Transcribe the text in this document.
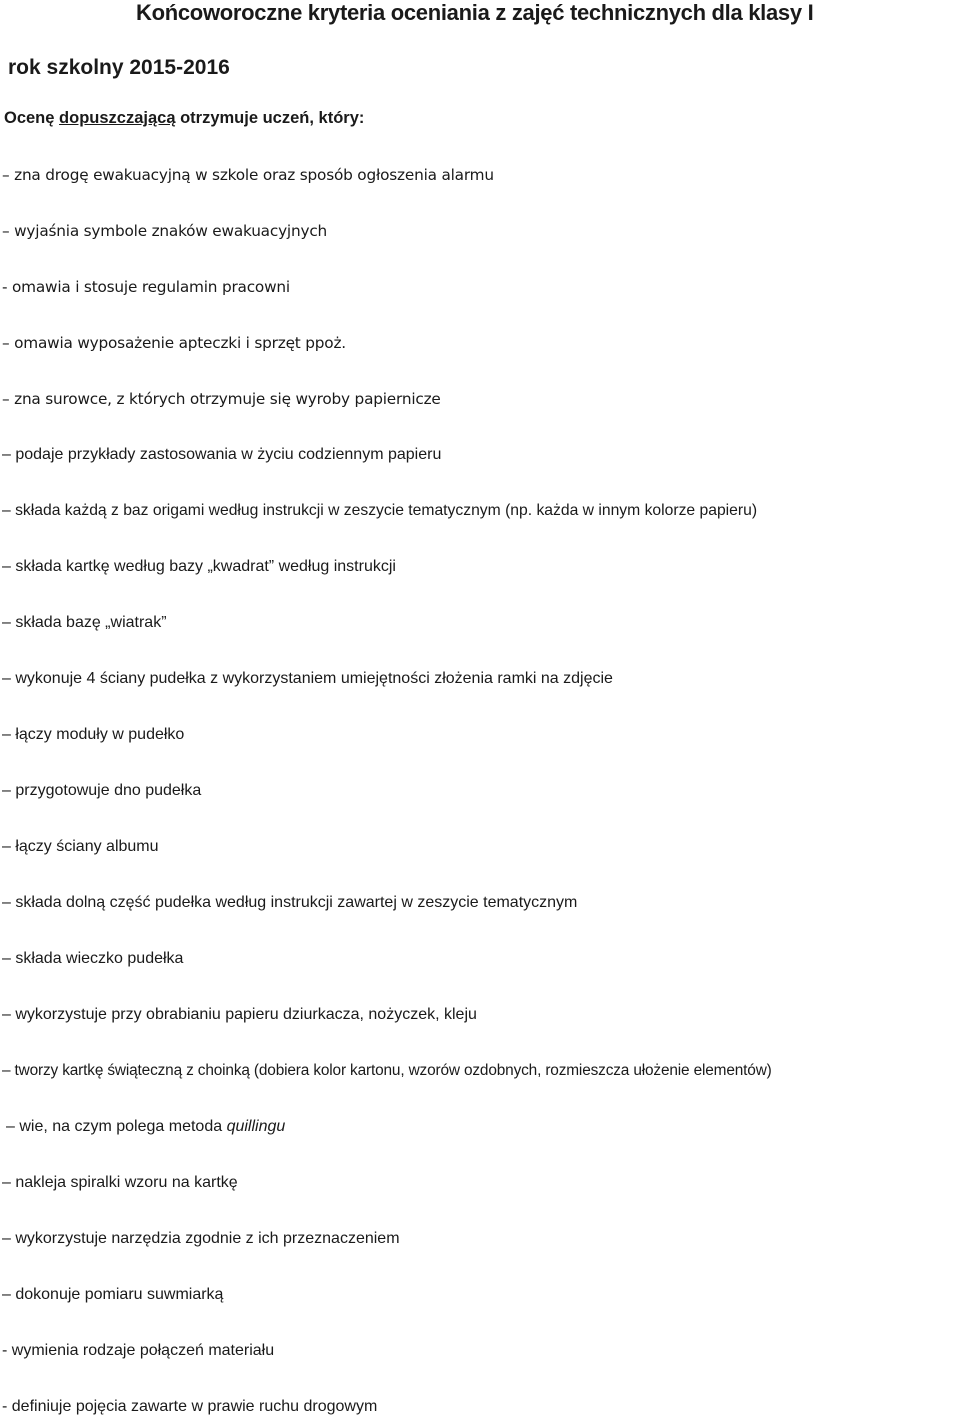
Końcoworoczne kryteria oceniania z zajęć technicznych dla klasy I
rok szkolny 2015-2016
Ocenę dopuszczającą otrzymuje uczeń, który:
– zna drogę ewakuacyjną w szkole oraz sposób ogłoszenia alarmu
– wyjaśnia symbole znaków ewakuacyjnych
- omawia i stosuje regulamin pracowni
– omawia wyposażenie apteczki i sprzęt ppoż.
– zna surowce, z których otrzymuje się wyroby papiernicze
– podaje przykłady zastosowania w życiu codziennym papieru
– składa każdą z baz origami według instrukcji w zeszycie tematycznym (np. każda w innym kolorze papieru)
– składa kartkę według bazy „kwadrat” według instrukcji
– składa bazę „wiatrak”
– wykonuje 4 ściany pudełka z wykorzystaniem umiejętności złożenia ramki na zdjęcie
– łączy moduły w pudełko
– przygotowuje dno pudełka
– łączy ściany albumu
– składa dolną część pudełka według instrukcji zawartej w zeszycie tematycznym
– składa wieczko pudełka
– wykorzystuje przy obrabianiu papieru dziurkacza, nożyczek, kleju
– tworzy kartkę świąteczną z choinką (dobiera kolor kartonu, wzorów ozdobnych, rozmieszcza ułożenie elementów)
– wie, na czym polega metoda quillingu
– nakleja spiralki wzoru na kartkę
– wykorzystuje narzędzia zgodnie z ich przeznaczeniem
– dokonuje pomiaru suwmiarką
- wymienia rodzaje połączeń materiału
- definiuje pojęcia zawarte w prawie ruchu drogowym
